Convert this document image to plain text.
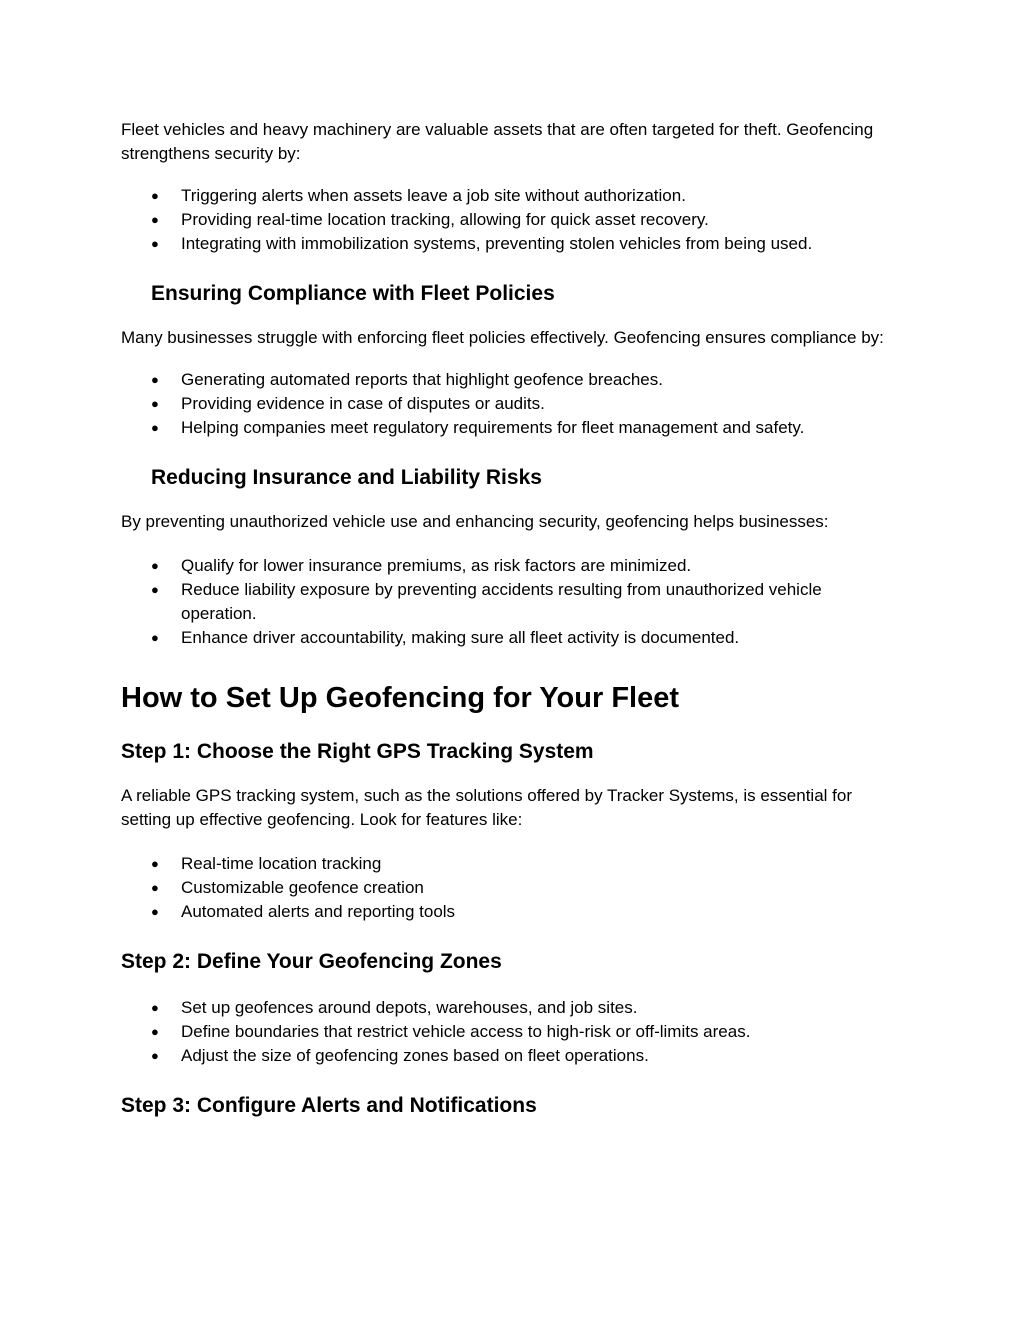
Fleet vehicles and heavy machinery are valuable assets that are often targeted for theft. Geofencing strengthens security by:

● Triggering alerts when assets leave a job site without authorization.
● Providing real-time location tracking, allowing for quick asset recovery.
● Integrating with immobilization systems, preventing stolen vehicles from being used.
Ensuring Compliance with Fleet Policies

Many businesses struggle with enforcing fleet policies effectively. Geofencing ensures compliance by:

● Generating automated reports that highlight geofence breaches.
● Providing evidence in case of disputes or audits.
● Helping companies meet regulatory requirements for fleet management and safety.
Reducing Insurance and Liability Risks

By preventing unauthorized vehicle use and enhancing security, geofencing helps businesses:

● Qualify for lower insurance premiums, as risk factors are minimized.
● Reduce liability exposure by preventing accidents resulting from unauthorized vehicle operation.
● Enhance driver accountability, making sure all fleet activity is documented.
How to Set Up Geofencing for Your Fleet
Step 1: Choose the Right GPS Tracking System

A reliable GPS tracking system, such as the solutions offered by Tracker Systems, is essential for setting up effective geofencing. Look for features like:

● Real-time location tracking
● Customizable geofence creation
● Automated alerts and reporting tools
Step 2: Define Your Geofencing Zones
● Set up geofences around depots, warehouses, and job sites.
● Define boundaries that restrict vehicle access to high-risk or off-limits areas.
● Adjust the size of geofencing zones based on fleet operations.
Step 3: Configure Alerts and Notifications
